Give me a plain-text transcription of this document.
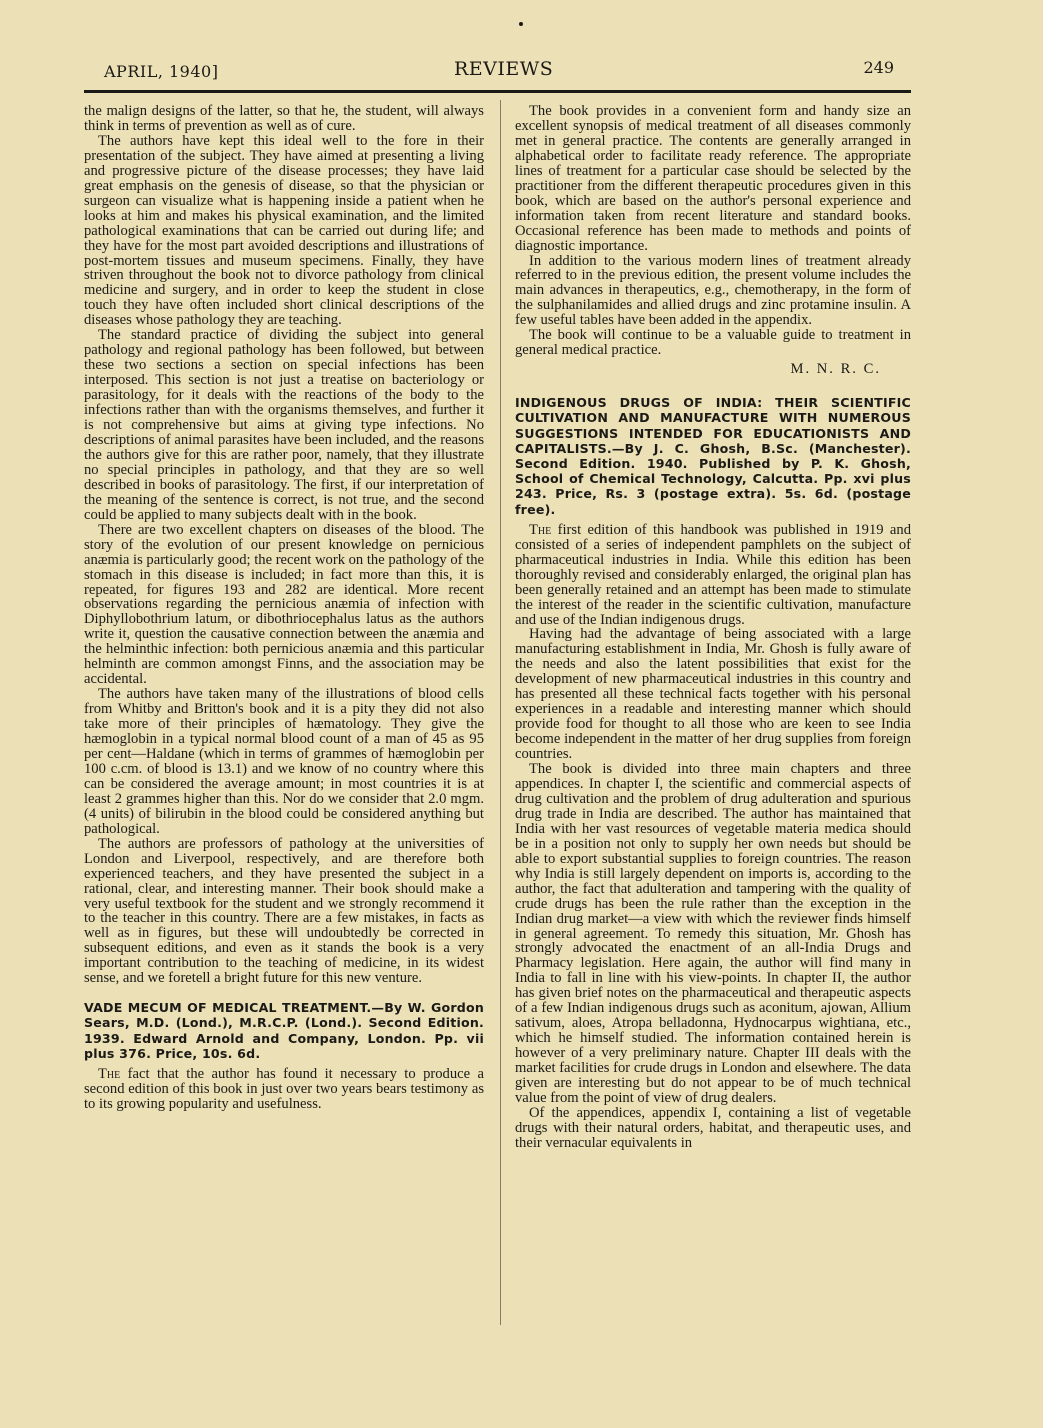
APRIL, 1940]	REVIEWS	249

the malign designs of the latter, so that he, the student, will always think in terms of prevention as well as of cure.

The authors have kept this ideal well to the fore in their presentation of the subject. They have aimed at presenting a living and progressive picture of the disease processes; they have laid great emphasis on the genesis of disease, so that the physician or surgeon can visualize what is happening inside a patient when he looks at him and makes his physical examination, and the limited pathological examinations that can be carried out during life; and they have for the most part avoided descriptions and illustrations of post-mortem tissues and museum specimens. Finally, they have striven throughout the book not to divorce pathology from clinical medicine and surgery, and in order to keep the student in close touch they have often included short clinical descriptions of the diseases whose pathology they are teaching.

The standard practice of dividing the subject into general pathology and regional pathology has been followed, but between these two sections a section on special infections has been interposed. This section is not just a treatise on bacteriology or parasitology, for it deals with the reactions of the body to the infections rather than with the organisms themselves, and further it is not comprehensive but aims at giving type infections. No descriptions of animal parasites have been included, and the reasons the authors give for this are rather poor, namely, that they illustrate no special principles in pathology, and that they are so well described in books of parasitology. The first, if our interpretation of the meaning of the sentence is correct, is not true, and the second could be applied to many subjects dealt with in the book.

There are two excellent chapters on diseases of the blood. The story of the evolution of our present knowledge on pernicious anæmia is particularly good; the recent work on the pathology of the stomach in this disease is included; in fact more than this, it is repeated, for figures 193 and 282 are identical. More recent observations regarding the pernicious anæmia of infection with Diphyllobothrium latum, or dibothriocephalus latus as the authors write it, question the causative connection between the anæmia and the helminthic infection: both pernicious anæmia and this particular helminth are common amongst Finns, and the association may be accidental.

The authors have taken many of the illustrations of blood cells from Whitby and Britton's book and it is a pity they did not also take more of their principles of hæmatology. They give the hæmoglobin in a typical normal blood count of a man of 45 as 95 per cent—Haldane (which in terms of grammes of hæmoglobin per 100 c.cm. of blood is 13.1) and we know of no country where this can be considered the average amount; in most countries it is at least 2 grammes higher than this. Nor do we consider that 2.0 mgm. (4 units) of bilirubin in the blood could be considered anything but pathological.

The authors are professors of pathology at the universities of London and Liverpool, respectively, and are therefore both experienced teachers, and they have presented the subject in a rational, clear, and interesting manner. Their book should make a very useful textbook for the student and we strongly recommend it to the teacher in this country. There are a few mistakes, in facts as well as in figures, but these will undoubtedly be corrected in subsequent editions, and even as it stands the book is a very important contribution to the teaching of medicine, in its widest sense, and we foretell a bright future for this new venture.

VADE MECUM OF MEDICAL TREATMENT.—By W. Gordon Sears, M.D. (Lond.), M.R.C.P. (Lond.). Second Edition. 1939. Edward Arnold and Company, London. Pp. vii plus 376. Price, 10s. 6d.

The fact that the author has found it necessary to produce a second edition of this book in just over two years bears testimony as to its growing popularity and usefulness.

The book provides in a convenient form and handy size an excellent synopsis of medical treatment of all diseases commonly met in general practice. The contents are generally arranged in alphabetical order to facilitate ready reference. The appropriate lines of treatment for a particular case should be selected by the practitioner from the different therapeutic procedures given in this book, which are based on the author's personal experience and information taken from recent literature and standard books. Occasional reference has been made to methods and points of diagnostic importance.

In addition to the various modern lines of treatment already referred to in the previous edition, the present volume includes the main advances in therapeutics, e.g., chemotherapy, in the form of the sulphanilamides and allied drugs and zinc protamine insulin. A few useful tables have been added in the appendix.

The book will continue to be a valuable guide to treatment in general medical practice.

M. N. R. C.
INDIGENOUS DRUGS OF INDIA: THEIR SCIENTIFIC CULTIVATION AND MANUFACTURE WITH NUMEROUS SUGGESTIONS INTENDED FOR EDUCATIONISTS AND CAPITALISTS.—By J. C. Ghosh, B.Sc. (Manchester). Second Edition. 1940. Published by P. K. Ghosh, School of Chemical Technology, Calcutta. Pp. xvi plus 243. Price, Rs. 3 (postage extra). 5s. 6d. (postage free).

The first edition of this handbook was published in 1919 and consisted of a series of independent pamphlets on the subject of pharmaceutical industries in India. While this edition has been thoroughly revised and considerably enlarged, the original plan has been generally retained and an attempt has been made to stimulate the interest of the reader in the scientific cultivation, manufacture and use of the Indian indigenous drugs.

Having had the advantage of being associated with a large manufacturing establishment in India, Mr. Ghosh is fully aware of the needs and also the latent possibilities that exist for the development of new pharmaceutical industries in this country and has presented all these technical facts together with his personal experiences in a readable and interesting manner which should provide food for thought to all those who are keen to see India become independent in the matter of her drug supplies from foreign countries.

The book is divided into three main chapters and three appendices. In chapter I, the scientific and commercial aspects of drug cultivation and the problem of drug adulteration and spurious drug trade in India are described. The author has maintained that India with her vast resources of vegetable materia medica should be in a position not only to supply her own needs but should be able to export substantial supplies to foreign countries. The reason why India is still largely dependent on imports is, according to the author, the fact that adulteration and tampering with the quality of crude drugs has been the rule rather than the exception in the Indian drug market—a view with which the reviewer finds himself in general agreement. To remedy this situation, Mr. Ghosh has strongly advocated the enactment of an all-India Drugs and Pharmacy legislation. Here again, the author will find many in India to fall in line with his view-points. In chapter II, the author has given brief notes on the pharmaceutical and therapeutic aspects of a few Indian indigenous drugs such as aconitum, ajowan, Allium sativum, aloes, Atropa belladonna, Hydnocarpus wightiana, etc., which he himself studied. The information contained herein is however of a very preliminary nature. Chapter III deals with the market facilities for crude drugs in London and elsewhere. The data given are interesting but do not appear to be of much technical value from the point of view of drug dealers.

Of the appendices, appendix I, containing a list of vegetable drugs with their natural orders, habitat, and therapeutic uses, and their vernacular equivalents in
